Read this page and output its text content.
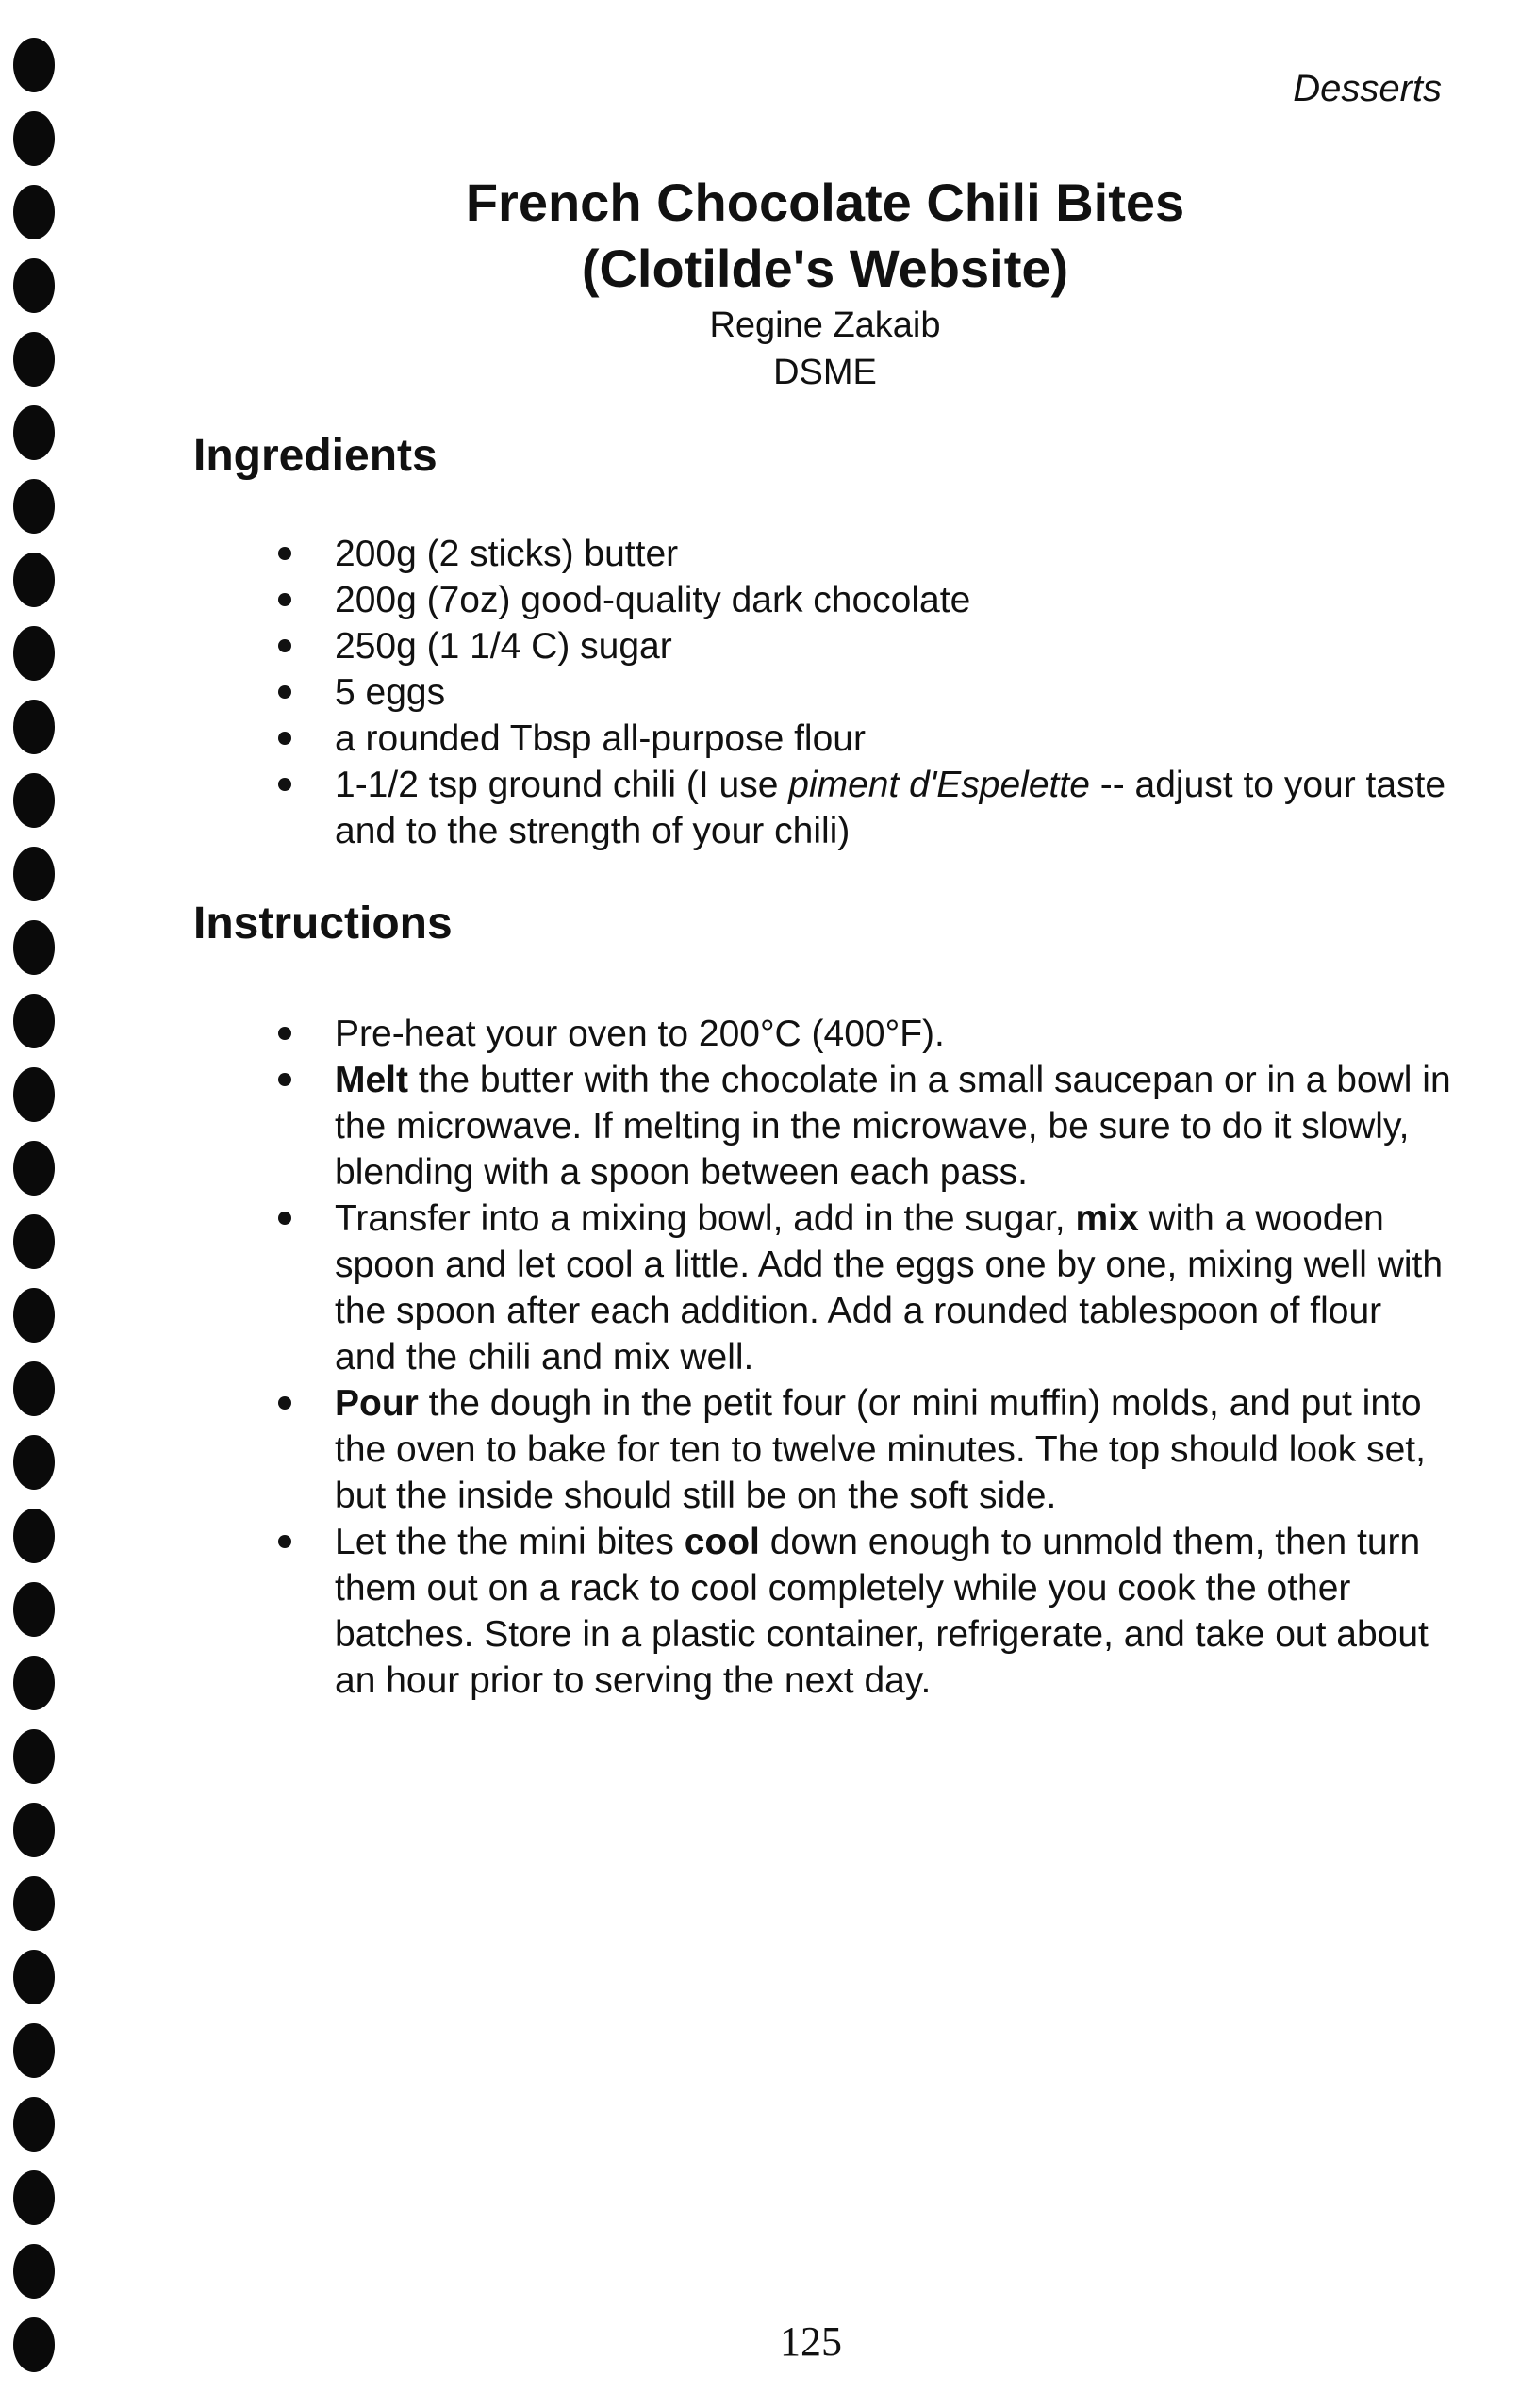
Desserts
French Chocolate Chili Bites
(Clotilde's Website)
Regine Zakaib
DSME
Ingredients
200g (2 sticks) butter
200g (7oz) good-quality dark chocolate
250g (1 1/4 C) sugar
5 eggs
a rounded Tbsp all-purpose flour
1-1/2 tsp ground chili (I use piment d'Espelette -- adjust to your taste and to the strength of your chili)
Instructions
Pre-heat your oven to 200°C (400°F).
Melt the butter with the chocolate in a small saucepan or in a bowl in the microwave. If melting in the microwave, be sure to do it slowly, blending with a spoon between each pass.
Transfer into a mixing bowl, add in the sugar, mix with a wooden spoon and let cool a little. Add the eggs one by one, mixing well with the spoon after each addition. Add a rounded tablespoon of flour and the chili and mix well.
Pour the dough in the petit four (or mini muffin) molds, and put into the oven to bake for ten to twelve minutes. The top should look set, but the inside should still be on the soft side.
Let the the mini bites cool down enough to unmold them, then turn them out on a rack to cool completely while you cook the other batches. Store in a plastic container, refrigerate, and take out about an hour prior to serving the next day.
125
